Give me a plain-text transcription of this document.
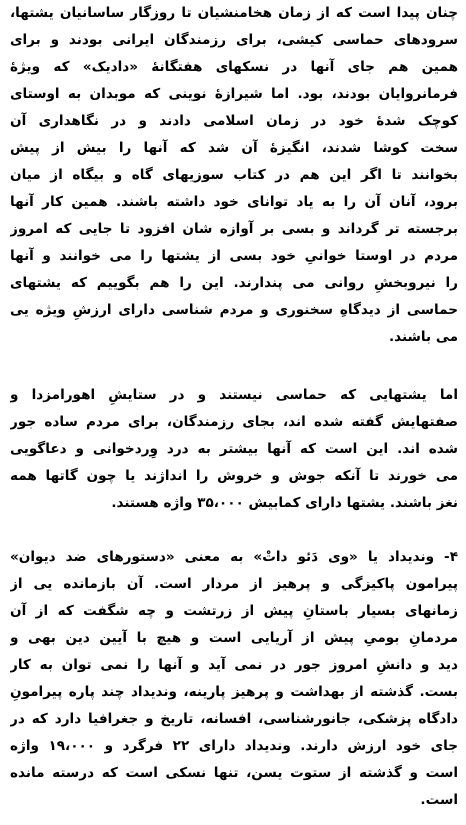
چنان پیدا است که از زمان هخامنشیان تا روزگار ساسانیان یشتها،
سرودهای حماسی کیشی، برای رزمندگان ایرانی بودند و برای
همین هم جای آنها در نسکهای هفتگانهٔ «دادیک» که ویژهٔ
فرمانروایان بودند، بود. اما شیرازهٔ نوینی که موبدان به اوستای
کوچک شدهٔ خود در زمان اسلامی دادند و در نگاهداری آن
سخت کوشا شدند، انگیزهٔ آن شد که آنها را بیش از پیش
بخوانند تا اگر این هم در کتاب سوزیهای گاه و بیگاه از میان
برود، آنان آن را به یاد توانای خود داشته باشند. همین کار آنها
برجسته تر گرداند و بسی بر آوازه شان افزود تا جایی که امروز
مردم در اوستا خوانیِ خود بسی از یشتها را می خوانند و آنها
را نیروبخشِ روانی می پندارند. این را هم بگوییم که یشتهای
حماسی از دیدگاهِ سخنوری و مردم شناسی دارای ارزشِ ویژه یی
می باشند.
اما یشتهایی که حماسی نیستند و در ستایشِ اهورامزدا و
صفتهایش گفته شده اند، بجای رزمندگان، برای مردم ساده جور
شده اند. این است که آنها بیشتر به درد وِردخوانی و دعاگویی
می خورند تا آنکه جوش و خروش را انداژند یا چون گاتها همه
نغز باشند. یشتها دارای کمابیش ۳۵،۰۰۰ واژه هستند.
۴- وندیداد یا «وی دَئو داتْ» به معنی «دستورهای ضد دیوان»
پیرامون پاکیزگی و پرهیز از مردار است. آن بازمانده یی از
زمانهای بسیار باستانِ پیش از زرتشت و چه شگفت که از آن
مردمانِ بومیِ پیش از آریایی است و هیچ با آیین دین بهی و
دید و دانشِ امروز جور در نمی آید و آنها را نمی توان به کار
بست. گذشته از بهداشت و پرهیز پارینه، وندیداد چند پاره پیرامونِ
دادگاه پزشکی، جانورشناسی، افسانه، تاریخ و جغرافیا دارد که در
جای خود ارزش دارند. وندیداد دارای ۲۲ فرگرد و ۱۹،۰۰۰ واژه
است و گذشته از ستوت یسن، تنها نسکی است که درسته مانده
است.
